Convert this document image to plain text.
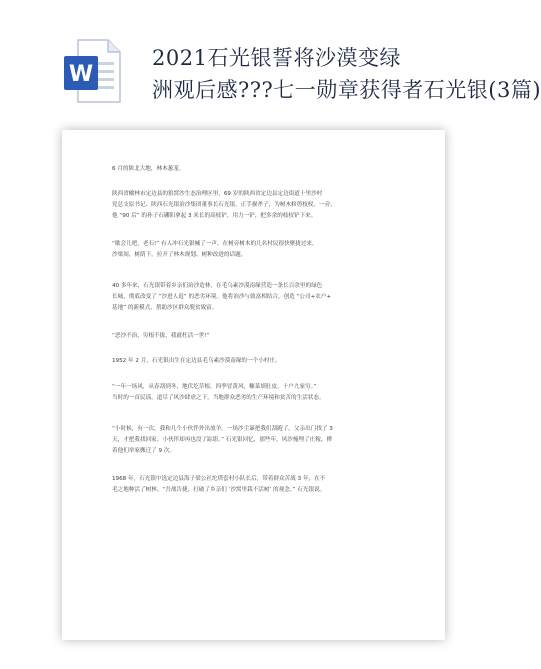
W
2021石光银誓将沙漠变绿
洲观后感???七一勋章获得者石光银(3篇)

6 月的陕北大地，林木葱茏。

陕西省榆林市定边县的狼窝沙生态治理区里，69 岁的陕西省定边县定边街道十里沙村
党总支原书记、陕西石光银治沙集团董事长石光银，正手握斧子，为树木修剪枝杈。一旁，
他 “90 后” 的孙子石硼阳拿起 3 米长的高枝铲，用力一铲，把多余的枝杈铲下来。

“歇会儿吧，老石!” 有人冲石光银喊了一声。在树旁树木的几名村民很快聚拢过来，
沙梁间，树荫下，拉开了林木规划、树种改进的话题。

40 多年来，石光银带着乡亲们治沙造林，在毛乌素沙漠南缘营造一条长百余里的绿色
长城，彻底改变了 “沙进人退” 的恶劣环境。他将治沙与致富相结合，创造 “公司+农户+
基地” 的新模式，帮助沙区群众脱贫致富。

“恶沙不治，穷根不拔，我就枉活一世!”

1952 年 2 月，石光银出生在定边县毛乌素沙漠南缘的一个小村庄。

“一年一场风，从春刮到冬，地伏圪草根，四季冒黄风，糠菜填肚皮，十户九家穷。”
当时的一首民谣，道尽了风沙肆虐之下，当地群众恶劣的生产环境和贫苦的生活状态。

“小时候，有一次，我和几个小伙伴外出放羊，一场沙尘暴把我们刮跑了。父亲出门找了 3
天，才把我找回家。小伙伴却再也没了踪影。” 石光银回忆，那些年，风沙掩埋了庄稼，撵
着他们举家搬迁了 9 次。

1968 年，石光银中选定边县海子梁公社坨塔套村小队长后，带着群众苦战 3 年，在不
毛之地种活了树林。“吾战告捷，打破了乡亲们 ‘沙窝里栽不活树’ 的观念。” 石光银说。
